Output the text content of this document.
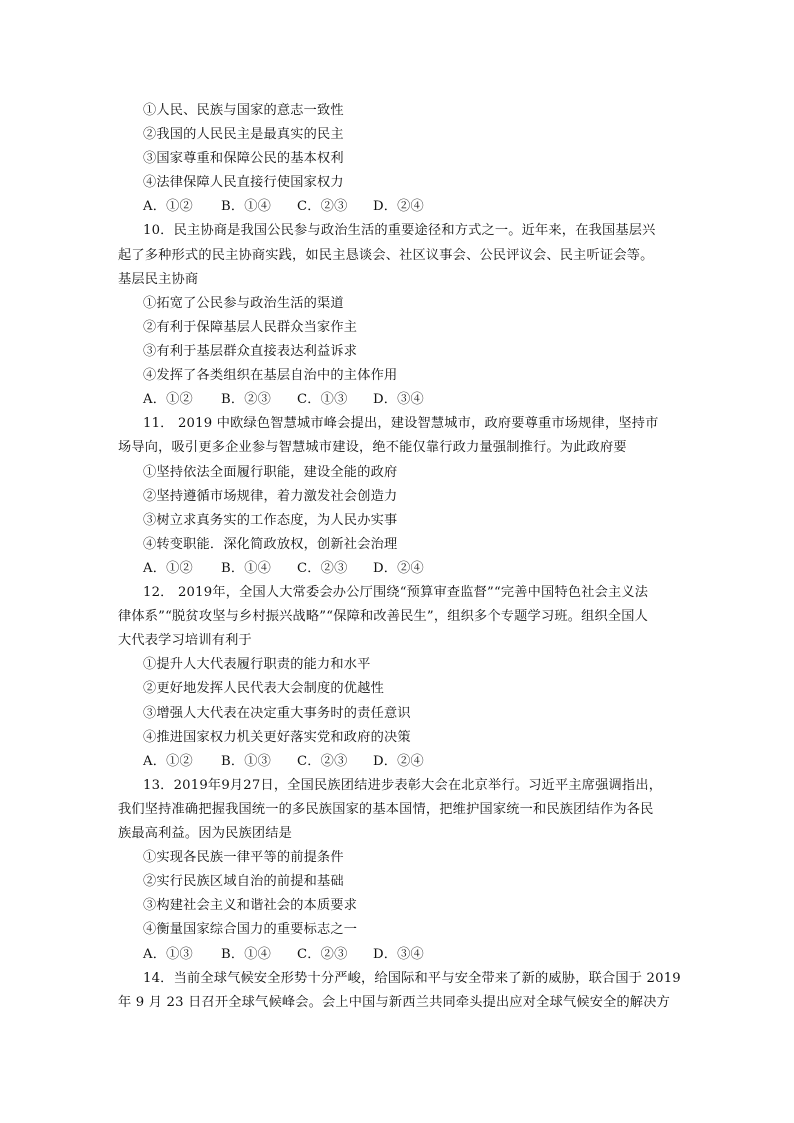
①人民、民族与国家的意志一致性
②我国的人民民主是最真实的民主
③国家尊重和保障公民的基本权利
④法律保障人民直接行使国家权力
A．①② B．①④ C．②③ D．②④
10．民主协商是我国公民参与政治生活的重要途径和方式之一。近年来，在我国基层兴
起了多种形式的民主协商实践，如民主恳谈会、社区议事会、公民评议会、民主听证会等。
基层民主协商
①拓宽了公民参与政治生活的渠道
②有利于保障基层人民群众当家作主
③有利于基层群众直接表达利益诉求
④发挥了各类组织在基层自治中的主体作用
A．①② B．②③ C．①③ D．③④
11． 2019 中欧绿色智慧城市峰会提出，建设智慧城市，政府要尊重市场规律，坚持市
场导向，吸引更多企业参与智慧城市建设，绝不能仅靠行政力量强制推行。为此政府要
①坚持依法全面履行职能，建设全能的政府
②坚持遵循市场规律，着力激发社会创造力
③树立求真务实的工作态度，为人民办实事
④转变职能．深化简政放权，创新社会治理
A．①② B．①④ C．②③ D．②④
12． 2019年，全国人大常委会办公厅围绕“预算审查监督”“完善中国特色社会主义法
律体系”“脱贫攻坚与乡村振兴战略”“保障和改善民生”，组织多个专题学习班。组织全国人
大代表学习培训有利于
①提升人大代表履行职责的能力和水平
②更好地发挥人民代表大会制度的优越性
③增强人大代表在决定重大事务时的责任意识
④推进国家权力机关更好落实党和政府的决策
A．①② B．①③ C．②③ D．②④
13．2019年9月27日，全国民族团结进步表彰大会在北京举行。习近平主席强调指出，
我们坚持准确把握我国统一的多民族国家的基本国情，把维护国家统一和民族团结作为各民
族最高利益。因为民族团结是
①实现各民族一律平等的前提条件
②实行民族区域自治的前提和基础
③构建社会主义和谐社会的本质要求
④衡量国家综合国力的重要标志之一
A．①③ B．①④ C．②③ D．③④
14．当前全球气候安全形势十分严峻，给国际和平与安全带来了新的威胁，联合国于 2019
年 9 月 23 日召开全球气候峰会。会上中国与新西兰共同牵头提出应对全球气候安全的解决方
